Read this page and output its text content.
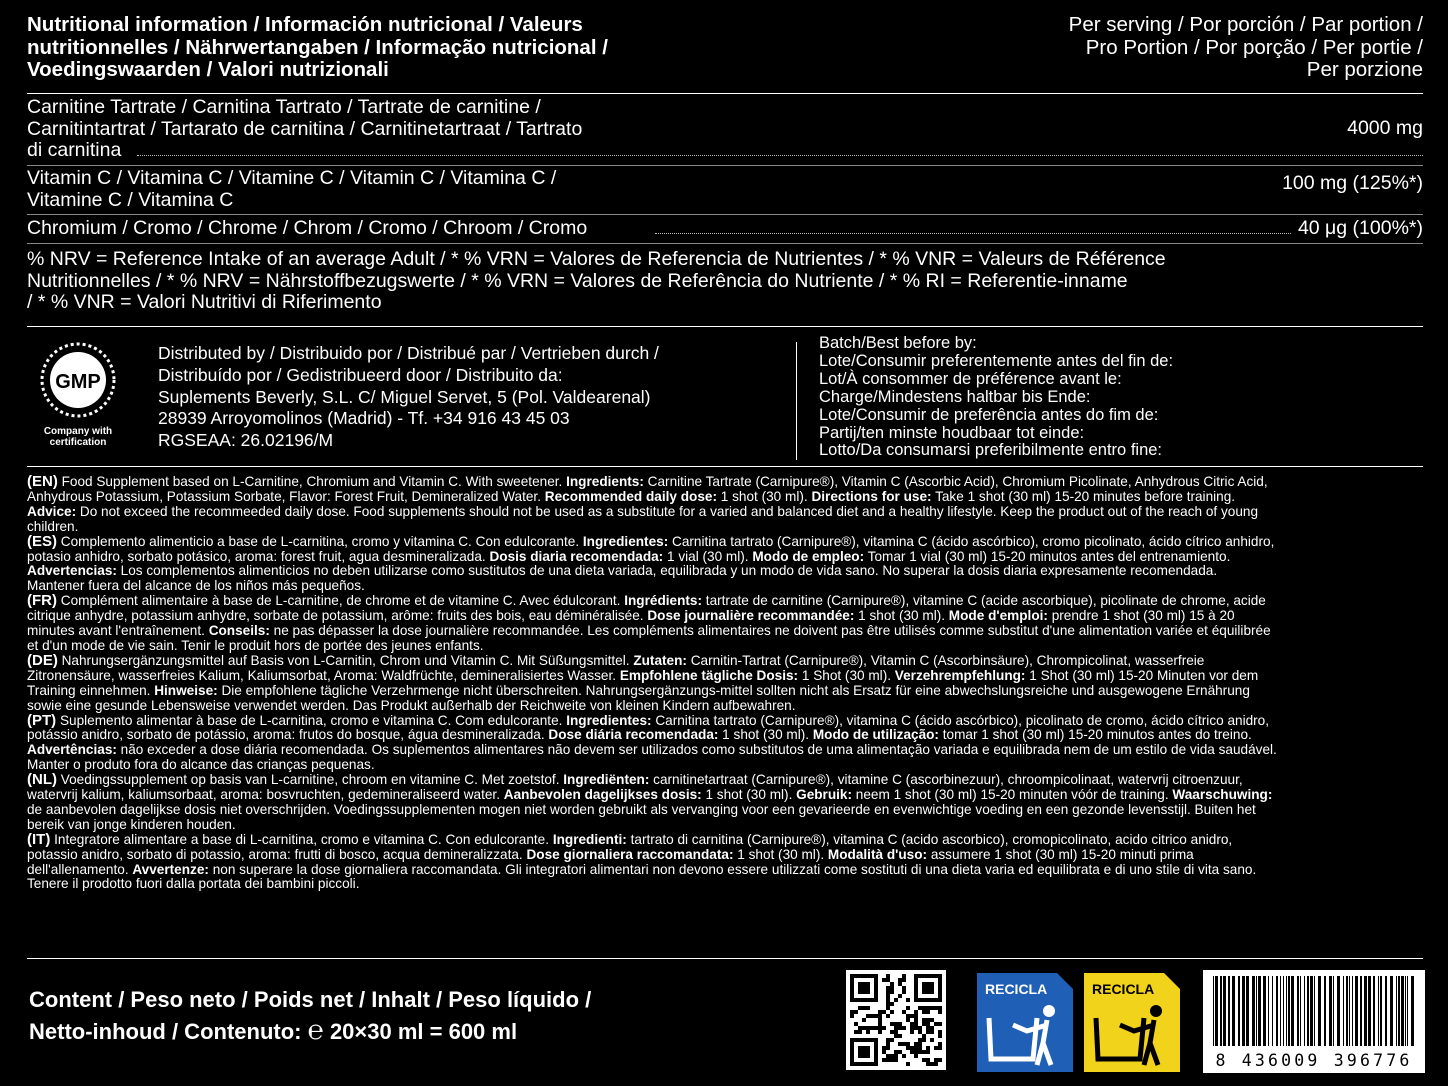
Nutritional information / Información nutricional / Valeurs
nutritionnelles / Nährwertangaben / Informação nutricional /
Voedingswaarden / Valori nutrizionali
Per serving / Por porción / Par portion /
Pro Portion / Por porção / Per portie /
Per porzione
Carnitine Tartrate / Carnitina Tartrato / Tartrate de carnitine /
Carnitintartrat / Tartarato de carnitina / Carnitinetartraat / Tartrato
di carnitina
4000 mg
Vitamin C / Vitamina C / Vitamine C / Vitamin C / Vitamina C /
Vitamine C / Vitamina C
100 mg (125%*)
Chromium / Cromo / Chrome / Chrom / Cromo / Chroom / Cromo	40 μg (100%*)
% NRV = Reference Intake of an average Adult / * % VRN = Valores de Referencia de Nutrientes / * % VNR = Valeurs de Référence
Nutritionnelles / * % NRV = Nährstoffbezugswerte / * % VRN = Valores de Referência do Nutriente / * % RI = Referentie-inname
/ * % VNR = Valori Nutritivi di Riferimento
GMP
Company with
certification
Distributed by / Distribuido por / Distribué par / Vertrieben durch /
Distribuído por / Gedistribueerd door / Distribuito da:
Suplements Beverly, S.L. C/ Miguel Servet, 5 (Pol. Valdearenal)
28939 Arroyomolinos (Madrid) - Tf. +34 916 43 45 03
RGSEAA: 26.02196/M
Batch/Best before by:
Lote/Consumir preferentemente antes del fin de:
Lot/À consommer de préférence avant le:
Charge/Mindestens haltbar bis Ende:
Lote/Consumir de preferência antes do fim de:
Partij/ten minste houdbaar tot einde:
Lotto/Da consumarsi preferibilmente entro fine:

(EN) Food Supplement based on L-Carnitine, Chromium and Vitamin C. With sweetener. Ingredients: Carnitine Tartrate (Carnipure®), Vitamin C (Ascorbic Acid), Chromium Picolinate, Anhydrous Citric Acid, Anhydrous Potassium, Potassium Sorbate, Flavor: Forest Fruit, Demineralized Water. Recommended daily dose: 1 shot (30 ml). Directions for use: Take 1 shot (30 ml) 15-20 minutes before training. Advice: Do not exceed the recommeeded daily dose. Food supplements should not be used as a substitute for a varied and balanced diet and a healthy lifestyle. Keep the product out of the reach of young children.

(ES) Complemento alimenticio a base de L-carnitina, cromo y vitamina C. Con edulcorante. Ingredientes: Carnitina tartrato (Carnipure®), vitamina C (ácido ascórbico), cromo picolinato, ácido cítrico anhidro, potasio anhidro, sorbato potásico, aroma: forest fruit, agua desmineralizada. Dosis diaria recomendada: 1 vial (30 ml). Modo de empleo: Tomar 1 vial (30 ml) 15-20 minutos antes del entrenamiento. Advertencias: Los complementos alimenticios no deben utilizarse como sustitutos de una dieta variada, equilibrada y un modo de vida sano. No superar la dosis diaria expresamente recomendada. Mantener fuera del alcance de los niños más pequeños.

(FR) Complément alimentaire à base de L-carnitine, de chrome et de vitamine C. Avec édulcorant. Ingrédients: tartrate de carnitine (Carnipure®), vitamine C (acide ascorbique), picolinate de chrome, acide citrique anhydre, potassium anhydre, sorbate de potassium, arôme: fruits des bois, eau déminéralisée. Dose journalière recommandée: 1 shot (30 ml). Mode d'emploi: prendre 1 shot (30 ml) 15 à 20 minutes avant l'entraînement. Conseils: ne pas dépasser la dose journalière recommandée. Les compléments alimentaires ne doivent pas être utilisés comme substitut d'une alimentation variée et équilibrée et d'un mode de vie sain. Tenir le produit hors de portée des jeunes enfants.

(DE) Nahrungsergänzungsmittel auf Basis von L-Carnitin, Chrom und Vitamin C. Mit Süßungsmittel. Zutaten: Carnitin-Tartrat (Carnipure®), Vitamin C (Ascorbinsäure), Chrompicolinat, wasserfreie Zitronensäure, wasserfreies Kalium, Kaliumsorbat, Aroma: Waldfrüchte, demineralisiertes Wasser. Empfohlene tägliche Dosis: 1 Shot (30 ml). Verzehrempfehlung: 1 Shot (30 ml) 15-20 Minuten vor dem Training einnehmen. Hinweise: Die empfohlene tägliche Verzehrmenge nicht überschreiten. Nahrungsergänzungs-mittel sollten nicht als Ersatz für eine abwechslungsreiche und ausgewogene Ernährung sowie eine gesunde Lebensweise verwendet werden. Das Produkt außerhalb der Reichweite von kleinen Kindern aufbewahren.

(PT) Suplemento alimentar à base de L-carnitina, cromo e vitamina C. Com edulcorante. Ingredientes: Carnitina tartrato (Carnipure®), vitamina C (ácido ascórbico), picolinato de cromo, ácido cítrico anidro, potássio anidro, sorbato de potássio, aroma: frutos do bosque, água desmineralizada. Dose diária recomendada: 1 shot (30 ml). Modo de utilização: tomar 1 shot (30 ml) 15-20 minutos antes do treino. Advertências: não exceder a dose diária recomendada. Os suplementos alimentares não devem ser utilizados como substitutos de uma alimentação variada e equilibrada nem de um estilo de vida saudável. Manter o produto fora do alcance das crianças pequenas.

(NL) Voedingssupplement op basis van L-carnitine, chroom en vitamine C. Met zoetstof. Ingrediënten: carnitinetartraat (Carnipure®), vitamine C (ascorbinezuur), chroompicolinaat, watervrij citroenzuur, watervrij kalium, kaliumsorbaat, aroma: bosvruchten, gedemineraliseerd water. Aanbevolen dagelijkses dosis: 1 shot (30 ml). Gebruik: neem 1 shot (30 ml) 15-20 minuten vóór de training. Waarschuwing: de aanbevolen dagelijkse dosis niet overschrijden. Voedingssupplementen mogen niet worden gebruikt als vervanging voor een gevarieerde en evenwichtige voeding en een gezonde levensstijl. Buiten het bereik van jonge kinderen houden.

(IT) Integratore alimentare a base di L-carnitina, cromo e vitamina C. Con edulcorante. Ingredienti: tartrato di carnitina (Carnipure®), vitamina C (acido ascorbico), cromopicolinato, acido citrico anidro, potassio anidro, sorbato di potassio, aroma: frutti di bosco, acqua demineralizzata. Dose giornaliera raccomandata: 1 shot (30 ml). Modalità d'uso: assumere 1 shot (30 ml) 15-20 minuti prima dell'allenamento. Avvertenze: non superare la dose giornaliera raccomandata. Gli integratori alimentari non devono essere utilizzati come sostituti di una dieta varia ed equilibrata e di uno stile di vita sano. Tenere il prodotto fuori dalla portata dei bambini piccoli.

Content / Peso neto / Poids net / Inhalt / Peso líquido /
Netto-inhoud / Contenuto: ℮ 20×30 ml = 600 ml
RECICLA	RECICLA
8 436009 396776
